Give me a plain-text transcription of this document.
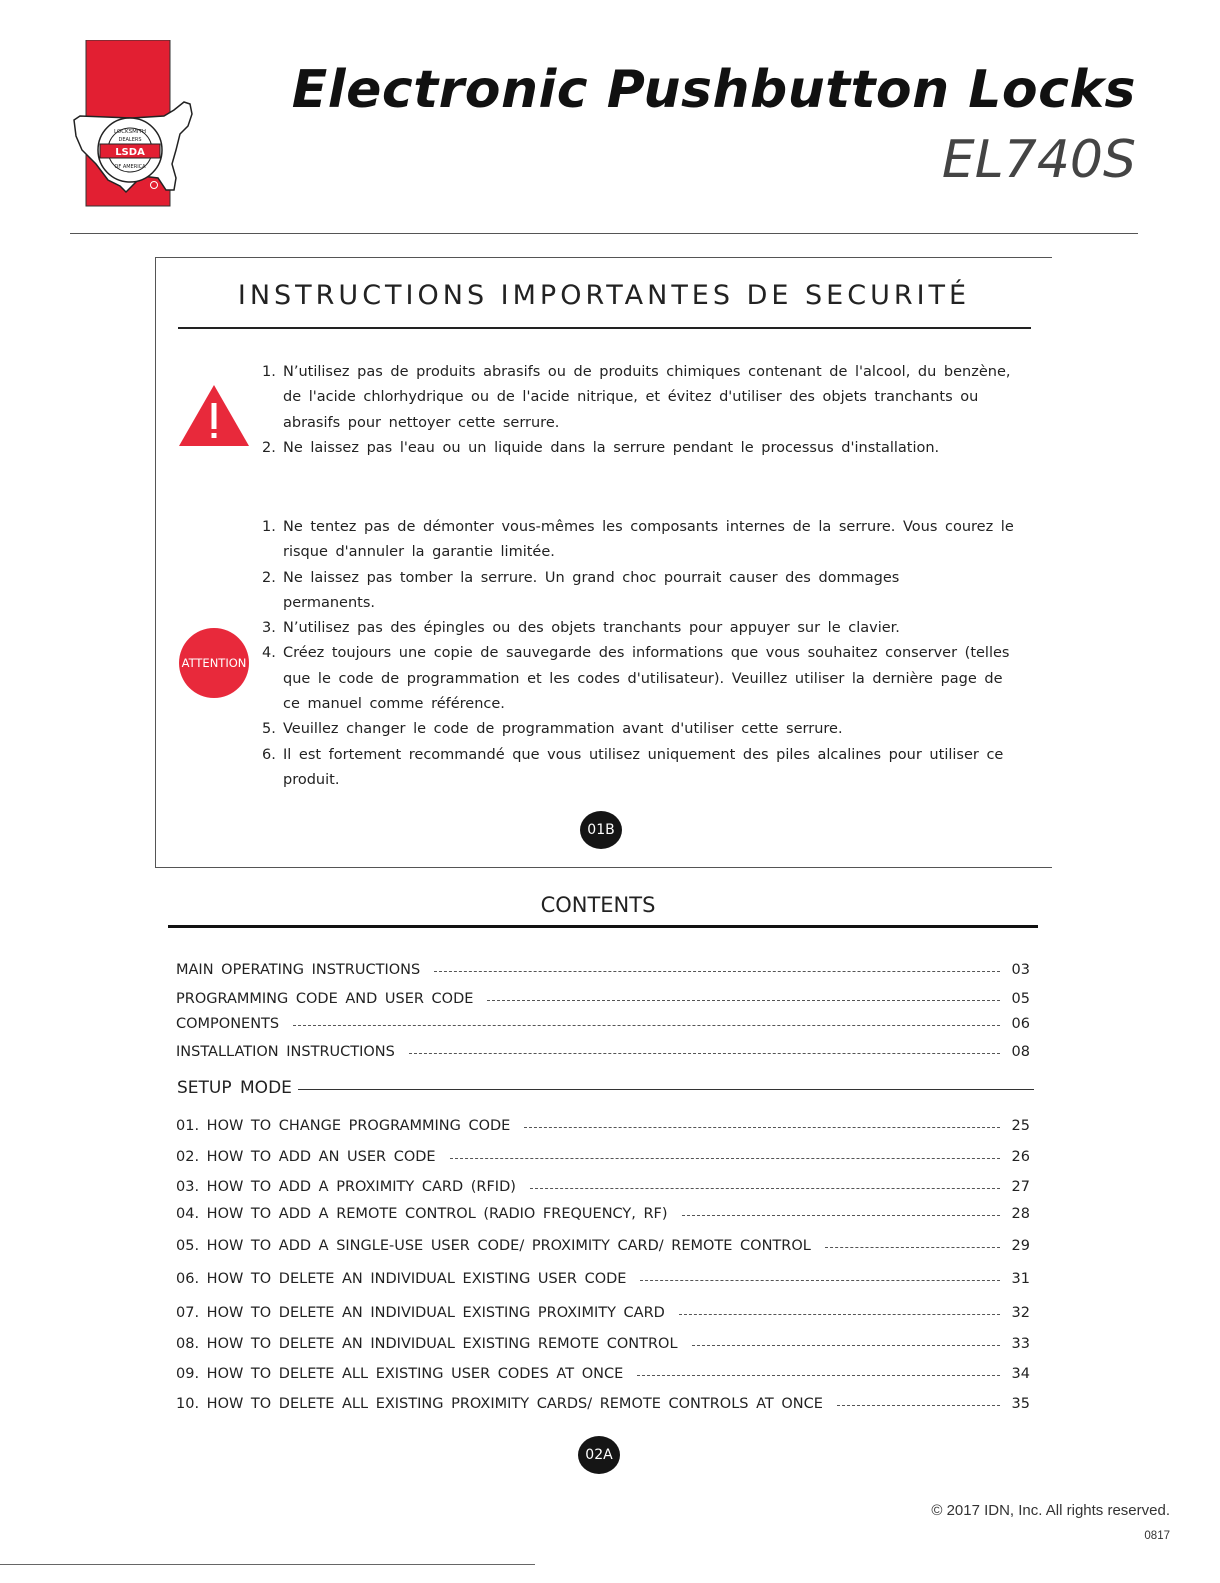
LSDA
LOCKSMITH
DEALERS
OF AMERICA
Electronic Pushbutton Locks
EL740S
INSTRUCTIONS IMPORTANTES DE SECURITÉ
1. N’utilisez pas de produits abrasifs ou de produits chimiques contenant de l'alcool, du benzène, de l'acide chlorhydrique ou de l'acide nitrique, et évitez d'utiliser des objets tranchants ou abrasifs pour nettoyer cette serrure.
2. Ne laissez pas l'eau ou un liquide dans la serrure pendant le processus d'installation.
ATTENTION
1. Ne tentez pas de démonter vous-mêmes les composants internes de la serrure. Vous courez le risque d'annuler la garantie limitée.
2. Ne laissez pas tomber la serrure. Un grand choc pourrait causer des dommages permanents.
3. N’utilisez pas des épingles ou des objets tranchants pour appuyer sur le clavier.
4. Créez toujours une copie de sauvegarde des informations que vous souhaitez conserver (telles que le code de programmation et les codes d'utilisateur). Veuillez utiliser la dernière page de ce manuel comme référence.
5. Veuillez changer le code de programmation avant d'utiliser cette serrure.
6. Il est fortement recommandé que vous utilisez uniquement des piles alcalines pour utiliser ce produit.
01B
CONTENTS
MAIN OPERATING INSTRUCTIONS	03
PROGRAMMING CODE AND USER CODE	05
COMPONENTS	06
INSTALLATION INSTRUCTIONS	08
SETUP MODE
01. HOW TO CHANGE PROGRAMMING CODE	25
02. HOW TO ADD AN USER CODE	26
03. HOW TO ADD A PROXIMITY CARD (RFID)	27
04. HOW TO ADD A REMOTE CONTROL (RADIO FREQUENCY, RF)	28
05. HOW TO ADD A SINGLE-USE USER CODE/ PROXIMITY CARD/ REMOTE CONTROL	29
06. HOW TO DELETE AN INDIVIDUAL EXISTING USER CODE	31
07. HOW TO DELETE AN INDIVIDUAL EXISTING PROXIMITY CARD	32
08. HOW TO DELETE AN INDIVIDUAL EXISTING REMOTE CONTROL	33
09. HOW TO DELETE ALL EXISTING USER CODES AT ONCE	34
10. HOW TO DELETE ALL EXISTING PROXIMITY CARDS/ REMOTE CONTROLS AT ONCE	35
02A
© 2017 IDN, Inc. All rights reserved.
0817
